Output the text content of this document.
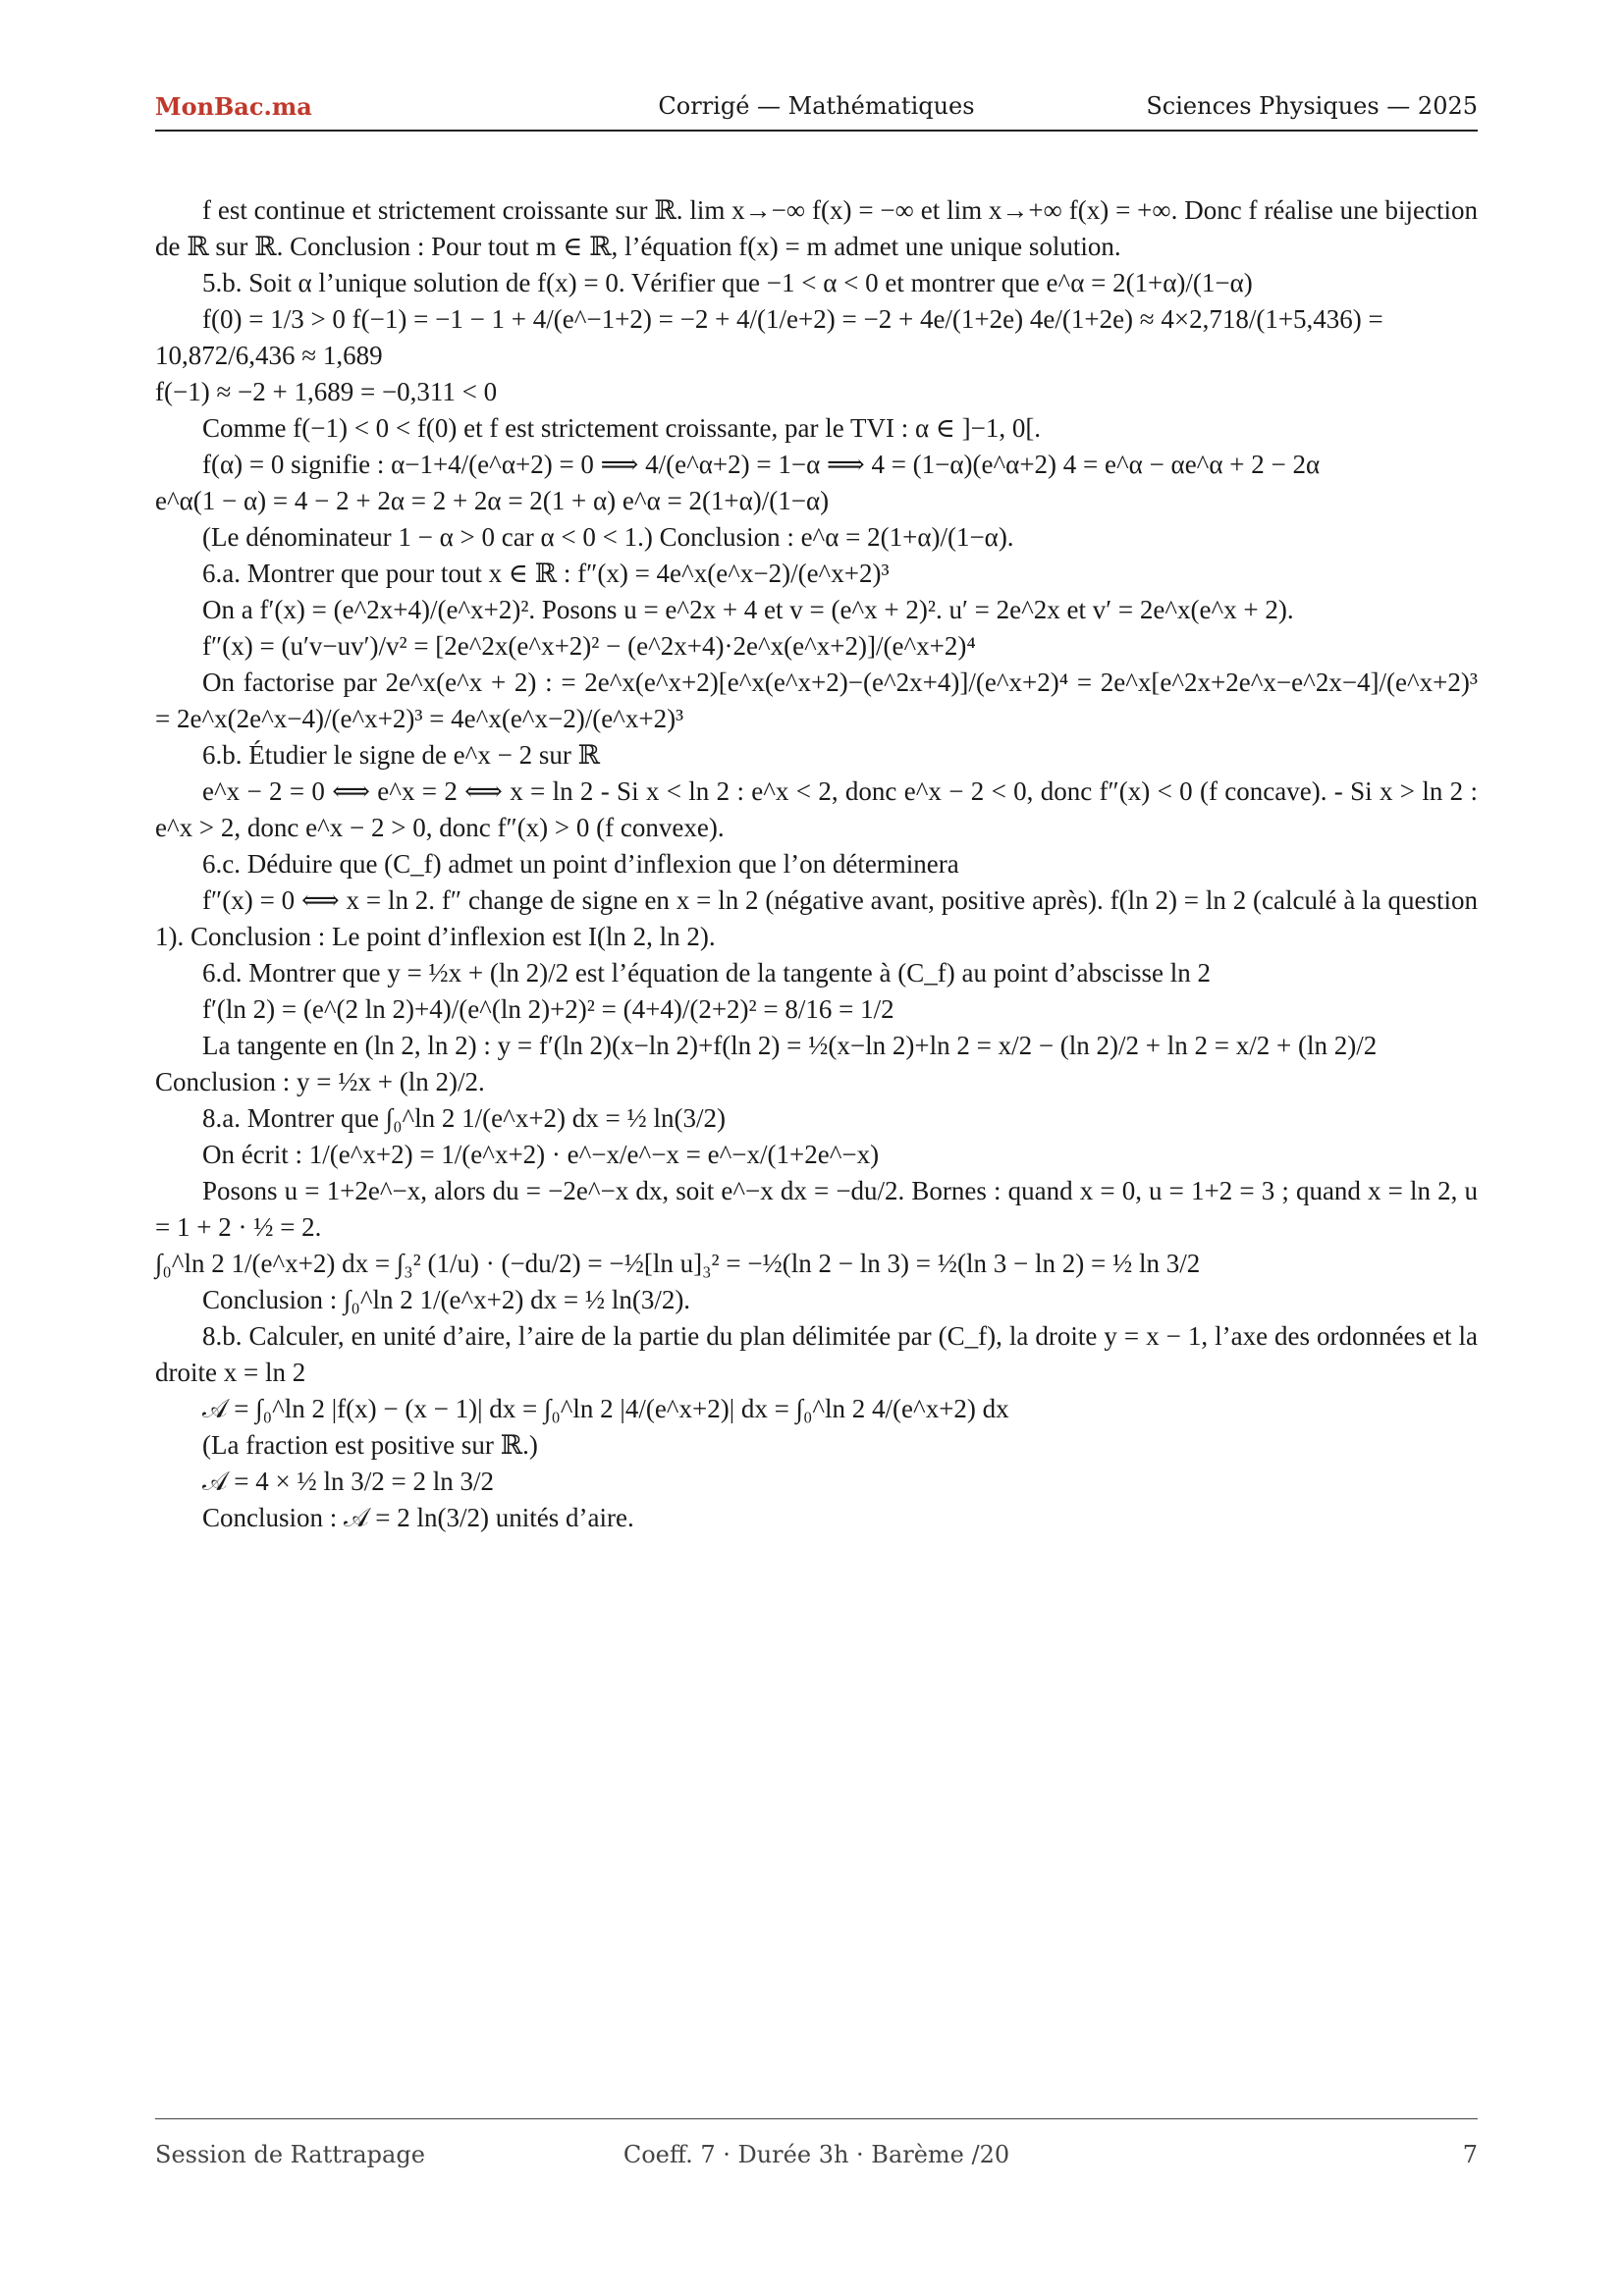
Corrigé — Mathématiques
MonBac.ma	Sciences Physiques — 2025

f est continue et strictement croissante sur ℝ. lim x→−∞ f(x) = −∞ et lim x→+∞ f(x) = +∞. Donc f réalise une bijection de ℝ sur ℝ. Conclusion : Pour tout m ∈ ℝ, l’équation f(x) = m admet une unique solution.

5.b. Soit α l’unique solution de f(x) = 0. Vérifier que −1 < α < 0 et montrer que e^α = 2(1+α)/(1−α)

f(0) = 1/3 > 0 f(−1) = −1 − 1 + 4/(e^−1+2) = −2 + 4/(1/e+2) = −2 + 4e/(1+2e) 4e/(1+2e) ≈ 4×2,718/(1+5,436) = 10,872/6,436 ≈ 1,689

f(−1) ≈ −2 + 1,689 = −0,311 < 0

Comme f(−1) < 0 < f(0) et f est strictement croissante, par le TVI : α ∈ ]−1, 0[.

f(α) = 0 signifie : α−1+4/(e^α+2) = 0 ⟹ 4/(e^α+2) = 1−α ⟹ 4 = (1−α)(e^α+2) 4 = e^α − αe^α + 2 − 2α

e^α(1 − α) = 4 − 2 + 2α = 2 + 2α = 2(1 + α) e^α = 2(1+α)/(1−α)

(Le dénominateur 1 − α > 0 car α < 0 < 1.) Conclusion : e^α = 2(1+α)/(1−α).

6.a. Montrer que pour tout x ∈ ℝ : f″(x) = 4e^x(e^x−2)/(e^x+2)³

On a f′(x) = (e^2x+4)/(e^x+2)². Posons u = e^2x + 4 et v = (e^x + 2)². u′ = 2e^2x et v′ = 2e^x(e^x + 2).

f″(x) = (u′v−uv′)/v² = [2e^2x(e^x+2)² − (e^2x+4)·2e^x(e^x+2)]/(e^x+2)⁴

On factorise par 2e^x(e^x + 2) : = 2e^x(e^x+2)[e^x(e^x+2)−(e^2x+4)]/(e^x+2)⁴ = 2e^x[e^2x+2e^x−e^2x−4]/(e^x+2)³ = 2e^x(2e^x−4)/(e^x+2)³ = 4e^x(e^x−2)/(e^x+2)³

6.b. Étudier le signe de e^x − 2 sur ℝ

e^x − 2 = 0 ⟺ e^x = 2 ⟺ x = ln 2 - Si x < ln 2 : e^x < 2, donc e^x − 2 < 0, donc f″(x) < 0 (f concave). - Si x > ln 2 : e^x > 2, donc e^x − 2 > 0, donc f″(x) > 0 (f convexe).

6.c. Déduire que (C_f) admet un point d’inflexion que l’on déterminera

f″(x) = 0 ⟺ x = ln 2. f″ change de signe en x = ln 2 (négative avant, positive après). f(ln 2) = ln 2 (calculé à la question 1). Conclusion : Le point d’inflexion est I(ln 2, ln 2).

6.d. Montrer que y = ½x + (ln 2)/2 est l’équation de la tangente à (C_f) au point d’abscisse ln 2

f′(ln 2) = (e^(2 ln 2)+4)/(e^(ln 2)+2)² = (4+4)/(2+2)² = 8/16 = 1/2

La tangente en (ln 2, ln 2) : y = f′(ln 2)(x−ln 2)+f(ln 2) = ½(x−ln 2)+ln 2 = x/2 − (ln 2)/2 + ln 2 = x/2 + (ln 2)/2

Conclusion : y = ½x + (ln 2)/2.

8.a. Montrer que ∫₀^ln 2 1/(e^x+2) dx = ½ ln(3/2)

On écrit : 1/(e^x+2) = 1/(e^x+2) · e^−x/e^−x = e^−x/(1+2e^−x)

Posons u = 1+2e^−x, alors du = −2e^−x dx, soit e^−x dx = −du/2. Bornes : quand x = 0, u = 1+2 = 3 ; quand x = ln 2, u = 1 + 2 · ½ = 2.

∫₀^ln 2 1/(e^x+2) dx = ∫₃² (1/u) · (−du/2) = −½[ln u]₃² = −½(ln 2 − ln 3) = ½(ln 3 − ln 2) = ½ ln 3/2

Conclusion : ∫₀^ln 2 1/(e^x+2) dx = ½ ln(3/2).

8.b. Calculer, en unité d’aire, l’aire de la partie du plan délimitée par (C_f), la droite y = x − 1, l’axe des ordonnées et la droite x = ln 2

𝒜 = ∫₀^ln 2 |f(x) − (x − 1)| dx = ∫₀^ln 2 |4/(e^x+2)| dx = ∫₀^ln 2 4/(e^x+2) dx

(La fraction est positive sur ℝ.)

𝒜 = 4 × ½ ln 3/2 = 2 ln 3/2

Conclusion : 𝒜 = 2 ln(3/2) unités d’aire.

Coeff. 7 · Durée 3h · Barème /20
Session de Rattrapage	7
